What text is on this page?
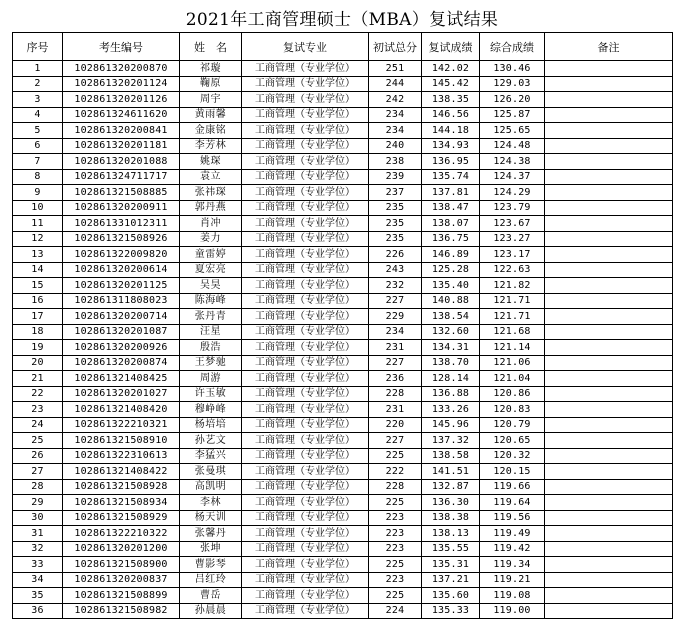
2021年工商管理硕士（MBA）复试结果
序号	考生编号	姓　名	复试专业	初试总分	复试成绩	综合成绩	备注
1	102861320200870	祁璇	工商管理（专业学位）	251	142.02	130.46	
2	102861320201124	鞠原	工商管理（专业学位）	244	145.42	129.03	
3	102861320201126	周宇	工商管理（专业学位）	242	138.35	126.20	
4	102861324611620	黄雨馨	工商管理（专业学位）	234	146.56	125.87	
5	102861320200841	金康铭	工商管理（专业学位）	234	144.18	125.65	
6	102861320201181	李芳林	工商管理（专业学位）	240	134.93	124.48	
7	102861320201088	姚琛	工商管理（专业学位）	238	136.95	124.38	
8	102861324711717	袁立	工商管理（专业学位）	239	135.74	124.37	
9	102861321508885	张祎琛	工商管理（专业学位）	237	137.81	124.29	
10	102861320200911	郭丹燕	工商管理（专业学位）	235	138.47	123.79	
11	102861331012311	肖冲	工商管理（专业学位）	235	138.07	123.67	
12	102861321508926	姜力	工商管理（专业学位）	235	136.75	123.27	
13	102861322009820	童雷婷	工商管理（专业学位）	226	146.89	123.17	
14	102861320200614	夏宏亮	工商管理（专业学位）	243	125.28	122.63	
15	102861320201125	吴昊	工商管理（专业学位）	232	135.40	121.82	
16	102861311808023	陈海峰	工商管理（专业学位）	227	140.88	121.71	
17	102861320200714	张丹青	工商管理（专业学位）	229	138.54	121.71	
18	102861320201087	汪星	工商管理（专业学位）	234	132.60	121.68	
19	102861320200926	殷浩	工商管理（专业学位）	231	134.31	121.14	
20	102861320200874	王梦驰	工商管理（专业学位）	227	138.70	121.06	
21	102861321408425	周游	工商管理（专业学位）	236	128.14	121.04	
22	102861320201027	许玉敏	工商管理（专业学位）	228	136.88	120.86	
23	102861321408420	穆峥峰	工商管理（专业学位）	231	133.26	120.83	
24	102861322210321	杨培培	工商管理（专业学位）	220	145.96	120.79	
25	102861321508910	孙艺文	工商管理（专业学位）	227	137.32	120.65	
26	102861322310613	李猛兴	工商管理（专业学位）	225	138.58	120.32	
27	102861321408422	张曼琪	工商管理（专业学位）	222	141.51	120.15	
28	102861321508928	高凯明	工商管理（专业学位）	228	132.87	119.66	
29	102861321508934	李林	工商管理（专业学位）	225	136.30	119.64	
30	102861321508929	杨天训	工商管理（专业学位）	223	138.38	119.56	
31	102861322210322	张馨丹	工商管理（专业学位）	223	138.13	119.49	
32	102861320201200	张坤	工商管理（专业学位）	223	135.55	119.42	
33	102861321508900	曹影琴	工商管理（专业学位）	225	135.31	119.34	
34	102861320200837	吕红玲	工商管理（专业学位）	223	137.21	119.21	
35	102861321508899	曹岳	工商管理（专业学位）	225	135.60	119.08	
36	102861321508982	孙晨晨	工商管理（专业学位）	224	135.33	119.00	
